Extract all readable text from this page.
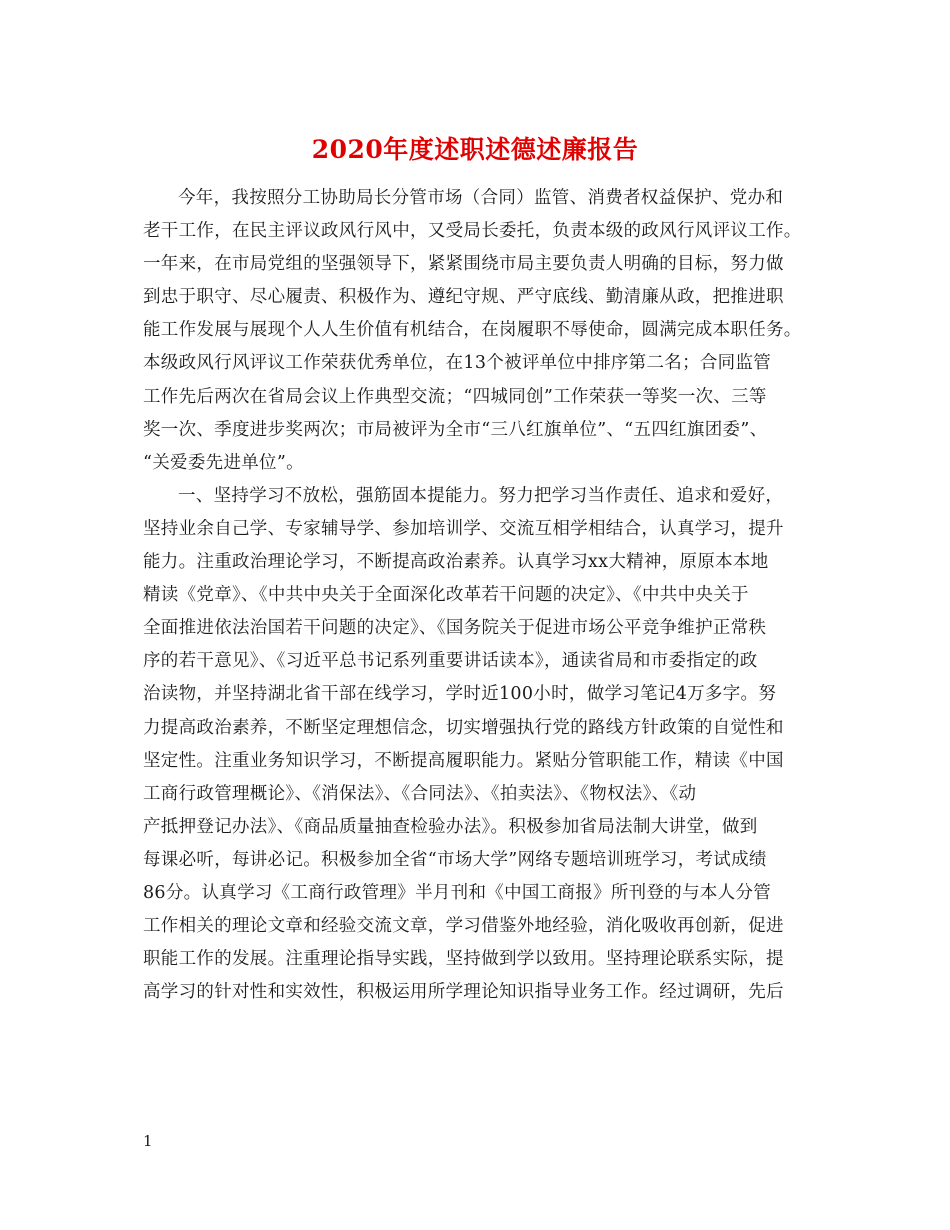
2020年度述职述德述廉报告
今年，我按照分工协助局长分管市场（合同）监管、消费者权益保护、党办和
老干工作，在民主评议政风行风中，又受局长委托，负责本级的政风行风评议工作。
一年来，在市局党组的坚强领导下，紧紧围绕市局主要负责人明确的目标，努力做
到忠于职守、尽心履责、积极作为、遵纪守规、严守底线、勤清廉从政，把推进职
能工作发展与展现个人人生价值有机结合，在岗履职不辱使命，圆满完成本职任务。
本级政风行风评议工作荣获优秀单位，在13个被评单位中排序第二名；合同监管
工作先后两次在省局会议上作典型交流；“四城同创”工作荣获一等奖一次、三等
奖一次、季度进步奖两次；市局被评为全市“三八红旗单位”、“五四红旗团委”、
“关爱委先进单位”。
一、坚持学习不放松，强筋固本提能力。努力把学习当作责任、追求和爱好，
坚持业余自己学、专家辅导学、参加培训学、交流互相学相结合，认真学习，提升
能力。注重政治理论学习，不断提高政治素养。认真学习xx大精神，原原本本地
精读《党章》、《中共中央关于全面深化改革若干问题的决定》、《中共中央关于
全面推进依法治国若干问题的决定》、《国务院关于促进市场公平竞争维护正常秩
序的若干意见》、《习近平总书记系列重要讲话读本》，通读省局和市委指定的政
治读物，并坚持湖北省干部在线学习，学时近100小时，做学习笔记4万多字。努
力提高政治素养，不断坚定理想信念，切实增强执行党的路线方针政策的自觉性和
坚定性。注重业务知识学习，不断提高履职能力。紧贴分管职能工作，精读《中国
工商行政管理概论》、《消保法》、《合同法》、《拍卖法》、《物权法》、《动
产抵押登记办法》、《商品质量抽查检验办法》。积极参加省局法制大讲堂，做到
每课必听，每讲必记。积极参加全省“市场大学”网络专题培训班学习，考试成绩
86分。认真学习《工商行政管理》半月刊和《中国工商报》所刊登的与本人分管
工作相关的理论文章和经验交流文章，学习借鉴外地经验，消化吸收再创新，促进
职能工作的发展。注重理论指导实践，坚持做到学以致用。坚持理论联系实际，提
高学习的针对性和实效性，积极运用所学理论知识指导业务工作。经过调研，先后
1
